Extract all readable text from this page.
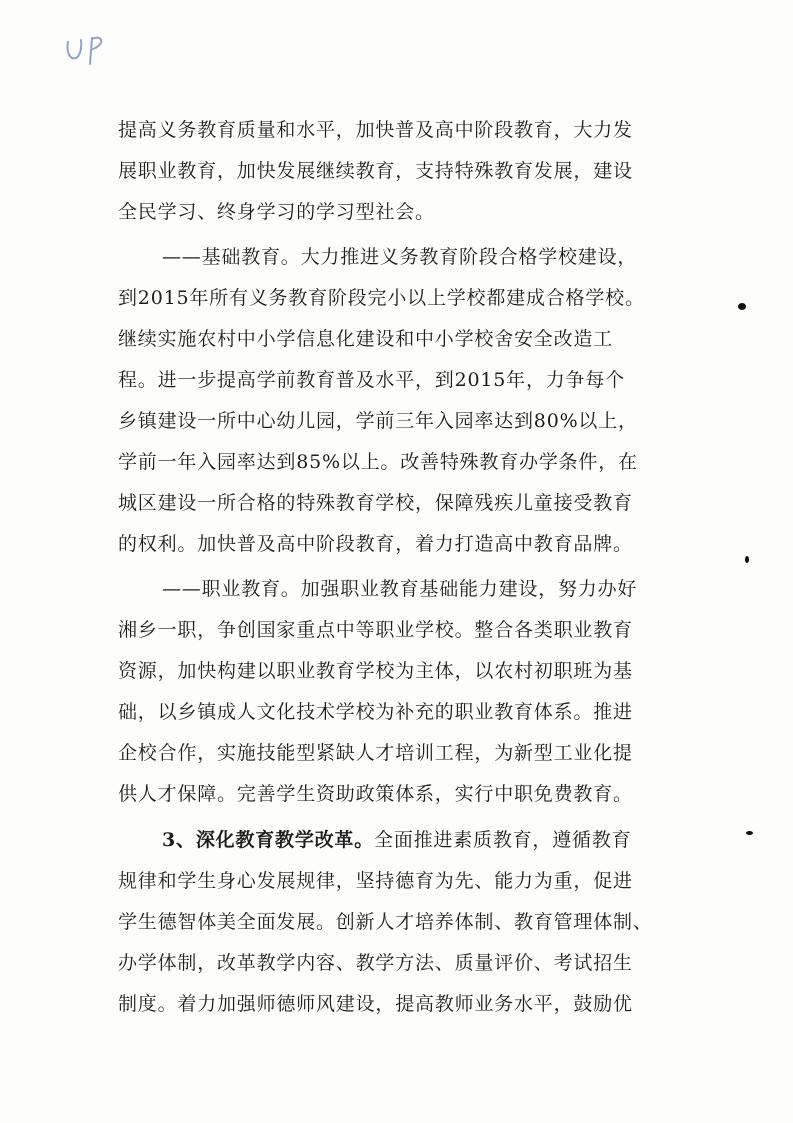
提高义务教育质量和水平，加快普及高中阶段教育，大力发
展职业教育，加快发展继续教育，支持特殊教育发展，建设
全民学习、终身学习的学习型社会。
——基础教育。大力推进义务教育阶段合格学校建设，
到2015年所有义务教育阶段完小以上学校都建成合格学校。
继续实施农村中小学信息化建设和中小学校舍安全改造工
程。进一步提高学前教育普及水平，到2015年，力争每个
乡镇建设一所中心幼儿园，学前三年入园率达到80%以上，
学前一年入园率达到85%以上。改善特殊教育办学条件，在
城区建设一所合格的特殊教育学校，保障残疾儿童接受教育
的权利。加快普及高中阶段教育，着力打造高中教育品牌。
——职业教育。加强职业教育基础能力建设，努力办好
湘乡一职，争创国家重点中等职业学校。整合各类职业教育
资源，加快构建以职业教育学校为主体，以农村初职班为基
础，以乡镇成人文化技术学校为补充的职业教育体系。推进
企校合作，实施技能型紧缺人才培训工程，为新型工业化提
供人才保障。完善学生资助政策体系，实行中职免费教育。
3、深化教育教学改革。全面推进素质教育，遵循教育
规律和学生身心发展规律，坚持德育为先、能力为重，促进
学生德智体美全面发展。创新人才培养体制、教育管理体制、
办学体制，改革教学内容、教学方法、质量评价、考试招生
制度。着力加强师德师风建设，提高教师业务水平，鼓励优
